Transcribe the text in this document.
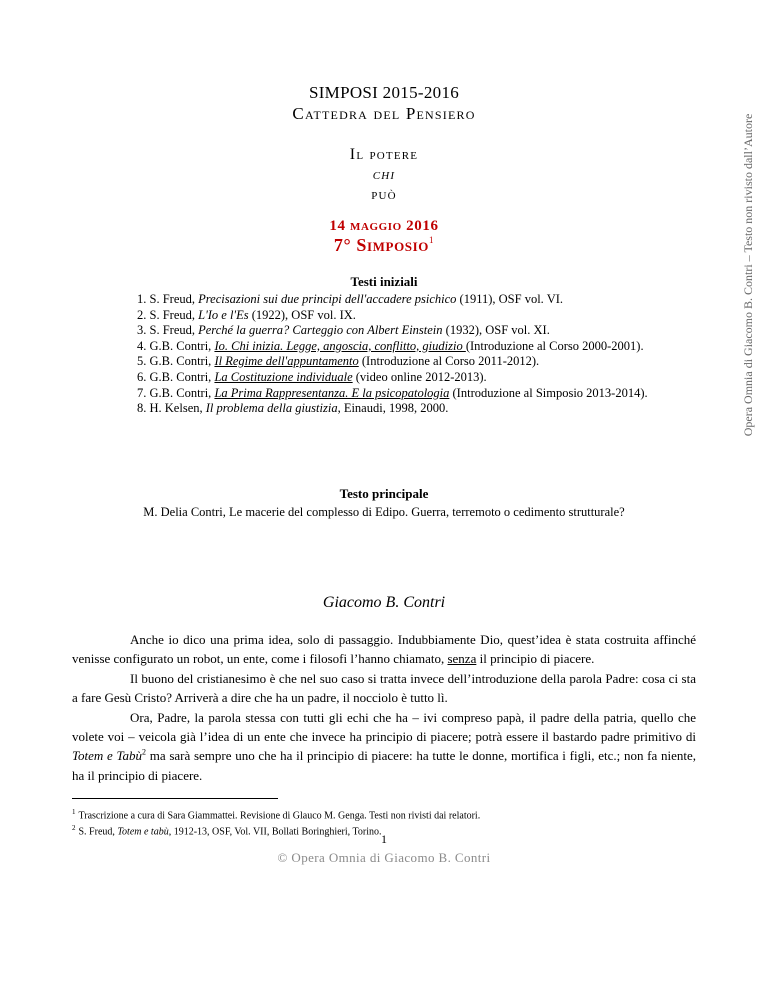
SIMPOSI 2015-2016
Cattedra del Pensiero
Il potere
chi
può
14 maggio 2016
7° Simposio$^1$
Testi iniziali
1. S. Freud, Precisazioni sui due principi dell'accadere psichico (1911), OSF vol. VI.
2. S. Freud, L'Io e l'Es (1922), OSF vol. IX.
3. S. Freud, Perché la guerra? Carteggio con Albert Einstein (1932), OSF vol. XI.
4. G.B. Contri, Io. Chi inizia. Legge, angoscia, conflitto, giudizio (Introduzione al Corso 2000-2001).
5. G.B. Contri, Il Regime dell'appuntamento (Introduzione al Corso 2011-2012).
6. G.B. Contri, La Costituzione individuale (video online 2012-2013).
7. G.B. Contri, La Prima Rappresentanza. E la psicopatologia (Introduzione al Simposio 2013-2014).
8. H. Kelsen, Il problema della giustizia, Einaudi, 1998, 2000.
Testo principale
M. Delia Contri, Le macerie del complesso di Edipo. Guerra, terremoto o cedimento strutturale?
Giacomo B. Contri

Anche io dico una prima idea, solo di passaggio. Indubbiamente Dio, quest’idea è stata costruita affinché venisse configurato un robot, un ente, come i filosofi l’hanno chiamato, senza il principio di piacere.

Il buono del cristianesimo è che nel suo caso si tratta invece dell’introduzione della parola Padre: cosa ci sta a fare Gesù Cristo? Arriverà a dire che ha un padre, il nocciolo è tutto lì.

Ora, Padre, la parola stessa con tutti gli echi che ha – ivi compreso papà, il padre della patria, quello che volete voi – veicola già l’idea di un ente che invece ha principio di piacere; potrà essere il bastardo padre primitivo di Totem e Tabù$^2$ ma sarà sempre uno che ha il principio di piacere: ha tutte le donne, mortifica i figli, etc.; non fa niente, ha il principio di piacere.

$^1$ Trascrizione a cura di Sara Giammattei. Revisione di Glauco M. Genga. Testi non rivisti dai relatori.
$^2$ S. Freud, Totem e tabù, 1912-13, OSF, Vol. VII, Bollati Boringhieri, Torino. 1
© Opera Omnia di Giacomo B. Contri
Opera Omnia di Giacomo B. Contri – Testo non rivisto dall’Autore
